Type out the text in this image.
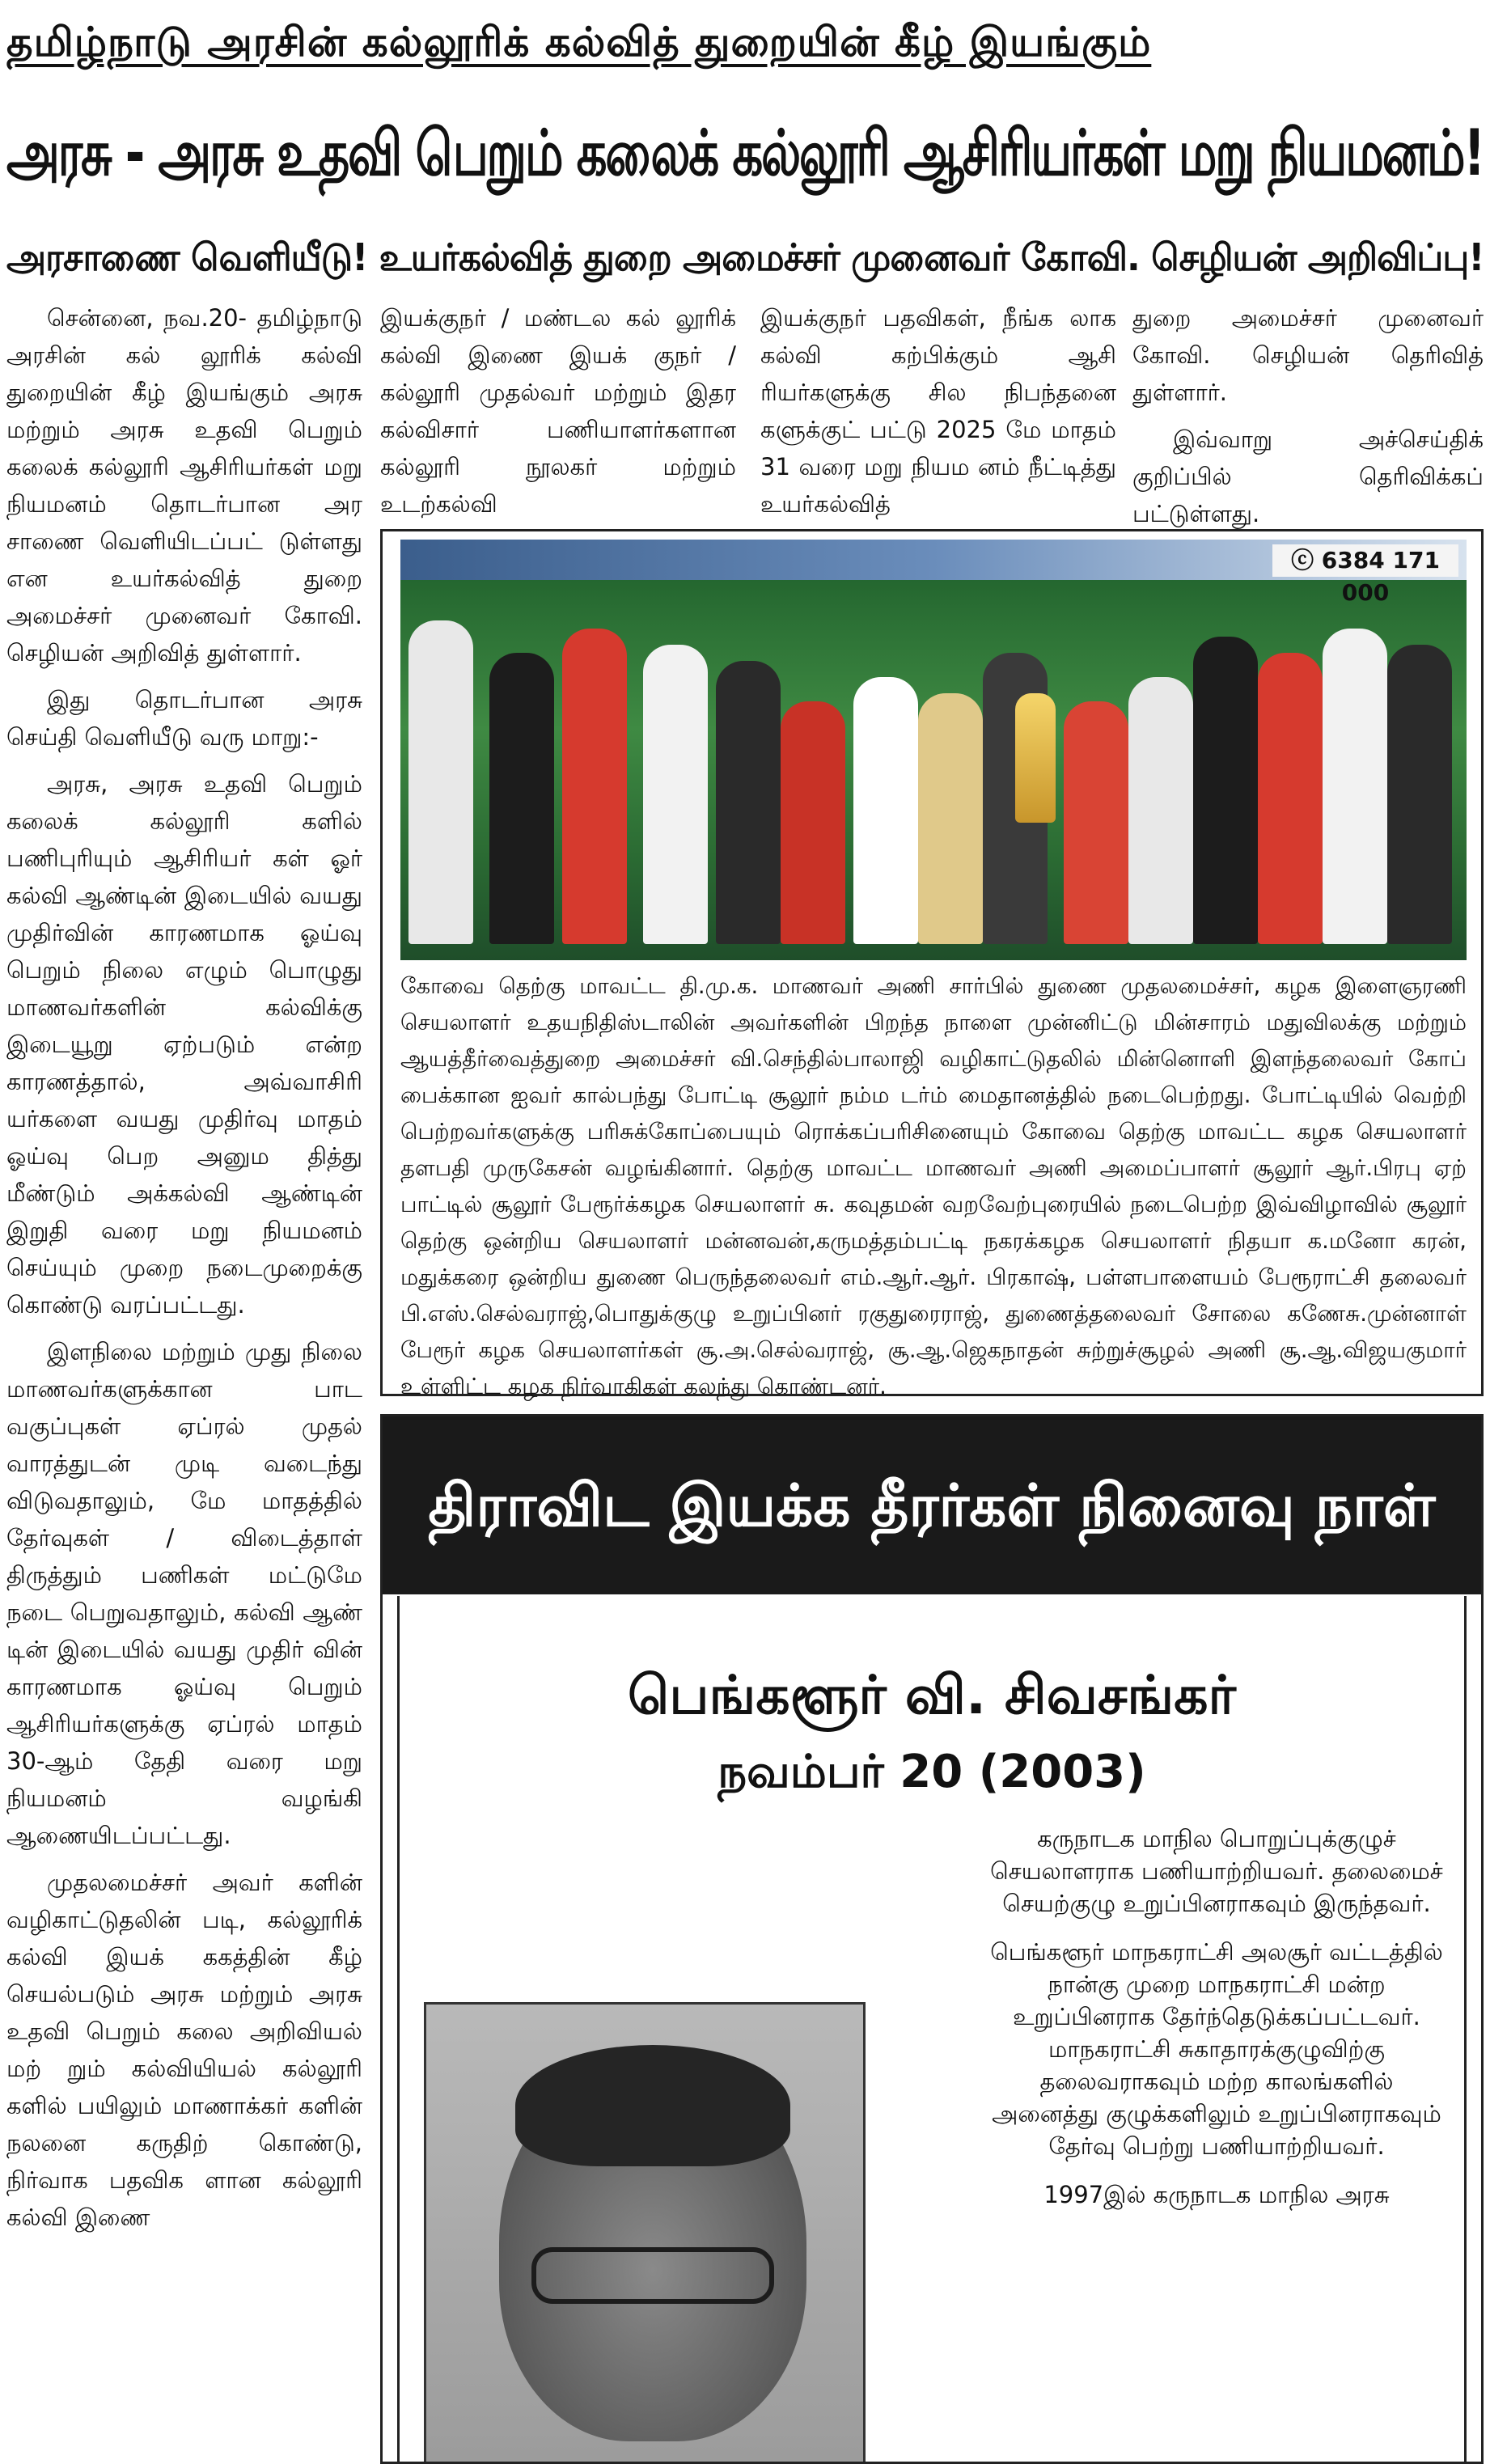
தமிழ்நாடு அரசின் கல்லூரிக் கல்வித் துறையின் கீழ் இயங்கும்
அரசு - அரசு உதவி பெறும் கலைக் கல்லூரி ஆசிரியர்கள் மறு நியமனம்!
அரசாணை வெளியீடு! உயர்கல்வித் துறை அமைச்சர் முனைவர் கோவி. செழியன் அறிவிப்பு!

சென்னை, நவ.20- தமிழ்நாடு அரசின் கல் லூரிக் கல்வி துறையின் கீழ் இயங்கும் அரசு மற்றும் அரசு உதவி பெறும் கலைக் கல்லூரி ஆசிரியர்கள் மறு நியமனம் தொடர்பான அர சாணை வெளியிடப்பட் டுள்ளது என உயர்கல்வித் துறை அமைச்சர் முனைவர் கோவி. செழியன் அறிவித் துள்ளார்.

இது தொடர்பான அரசு செய்தி வெளியீடு வரு மாறு:-

அரசு, அரசு உதவி பெறும் கலைக் கல்லூரி களில் பணிபுரியும் ஆசிரியர் கள் ஓர் கல்வி ஆண்டின் இடையில் வயது முதிர்வின் காரணமாக ஓய்வு பெறும் நிலை எழும் பொழுது மாணவர்களின் கல்விக்கு இடையூறு ஏற்படும் என்ற காரணத்தால், அவ்வாசிரி யர்களை வயது முதிர்வு மாதம் ஓய்வு பெற அனும தித்து மீண்டும் அக்கல்வி ஆண்டின் இறுதி வரை மறு நியமனம் செய்யும் முறை நடைமுறைக்கு கொண்டு வரப்பட்டது.

இளநிலை மற்றும் முது நிலை மாணவர்களுக்கான பாட வகுப்புகள் ஏப்ரல் முதல் வாரத்துடன் முடி வடைந்து விடுவதாலும், மே மாதத்தில் தேர்வுகள் / விடைத்தாள் திருத்தும் பணிகள் மட்டுமே நடை பெறுவதாலும், கல்வி ஆண் டின் இடையில் வயது முதிர் வின் காரணமாக ஓய்வு பெறும் ஆசிரியர்களுக்கு ஏப்ரல் மாதம் 30-ஆம் தேதி வரை மறு நியமனம் வழங்கி ஆணையிடப்பட்டது.

முதலமைச்சர் அவர் களின் வழிகாட்டுதலின் படி, கல்லூரிக் கல்வி இயக் ககத்தின் கீழ் செயல்படும் அரசு மற்றும் அரசு உதவி பெறும் கலை அறிவியல் மற் றும் கல்வியியல் கல்லூரி களில் பயிலும் மாணாக்கர் களின் நலனை கருதிற் கொண்டு, நிர்வாக பதவிக ளான கல்லூரி கல்வி இணை

இயக்குநர் / மண்டல கல் லூரிக் கல்வி இணை இயக் குநர் / கல்லூரி முதல்வர் மற்றும் இதர கல்விசார் பணியாளர்களான கல்லூரி நூலகர் மற்றும் உடற்கல்வி

இயக்குநர் பதவிகள், நீங்க லாக கல்வி கற்பிக்கும் ஆசி ரியர்களுக்கு சில நிபந்தனை களுக்குட் பட்டு 2025 மே மாதம் 31 வரை மறு நியம னம் நீட்டித்து உயர்கல்வித்

துறை அமைச்சர் முனைவர் கோவி. செழியன் தெரிவித் துள்ளார்.

இவ்வாறு அச்செய்திக் குறிப்பில் தெரிவிக்கப் பட்டுள்ளது.

ⓒ 6384 171 000
கோவை தெற்கு மாவட்ட தி.மு.க. மாணவர் அணி சார்பில் துணை முதலமைச்சர், கழக இளைஞரணி செயலாளர் உதயநிதிஸ்டாலின் அவர்களின் பிறந்த நாளை முன்னிட்டு மின்சாரம் மதுவிலக்கு மற்றும் ஆயத்தீர்வைத்துறை அமைச்சர் வி.செந்தில்பாலாஜி வழிகாட்டுதலில் மின்னொளி இளந்தலைவர் கோப் பைக்கான ஐவர் கால்பந்து போட்டி சூலூர் நம்ம டர்ம் மைதானத்தில் நடைபெற்றது. போட்டியில் வெற்றி பெற்றவர்களுக்கு பரிசுக்கோப்பையும் ரொக்கப்பரிசினையும் கோவை தெற்கு மாவட்ட கழக செயலாளர் தளபதி முருகேசன் வழங்கினார். தெற்கு மாவட்ட மாணவர் அணி அமைப்பாளர் சூலூர் ஆர்.பிரபு ஏற் பாட்டில் சூலூர் பேரூர்க்கழக செயலாளர் சு. கவுதமன் வறவேற்புரையில் நடைபெற்ற இவ்விழாவில் சூலூர் தெற்கு ஒன்றிய செயலாளர் மன்னவன்,கருமத்தம்பட்டி நகரக்கழக செயலாளர் நிதயா க.மனோ கரன், மதுக்கரை ஒன்றிய துணை பெருந்தலைவர் எம்.ஆர்.ஆர். பிரகாஷ், பள்ளபாளையம் பேரூராட்சி தலைவர் பி.எஸ்.செல்வராஜ்,பொதுக்குழு உறுப்பினர் ரகுதுரைராஜ், துணைத்தலைவர் சோலை கணேசு.முன்னாள் பேரூர் கழக செயலாளர்கள் சூ.அ.செல்வராஜ், சூ.ஆ.ஜெகநாதன் சுற்றுச்சூழல் அணி சூ.ஆ.விஜயகுமார் உள்ளிட்ட கழக நிர்வாகிகள் கலந்து கொண்டனர்.
திராவிட இயக்க தீரர்கள் நினைவு நாள்
பெங்களூர் வி. சிவசங்கர்
நவம்பர் 20 (2003)

கருநாடக மாநில பொறுப்புக்குழுச் செயலாளராக பணியாற்றியவர். தலைமைச் செயற்குழு உறுப்பினராகவும் இருந்தவர்.

பெங்களூர் மாநகராட்சி அலசூர் வட்டத்தில் நான்கு முறை மாநகராட்சி மன்ற உறுப்பினராக தேர்ந்தெடுக்கப்பட்டவர். மாநகராட்சி சுகாதாரக்குழுவிற்கு தலைவராகவும் மற்ற காலங்களில் அனைத்து குழுக்களிலும் உறுப்பினராகவும் தேர்வு பெற்று பணியாற்றியவர்.

1997இல் கருநாடக மாநில அரசு
